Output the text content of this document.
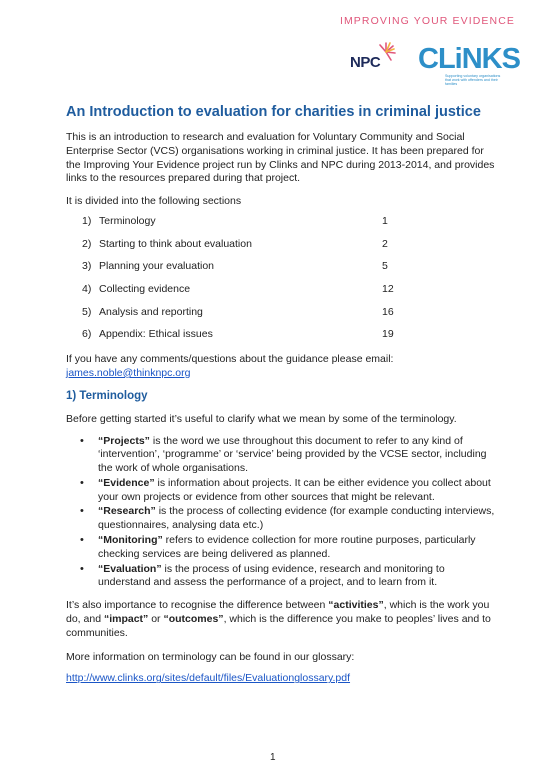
IMPROVING YOUR EVIDENCE
NPC CLiNKS
Supporting voluntary organisations that work with offenders and their families
An Introduction to evaluation for charities in criminal justice

This is an introduction to research and evaluation for Voluntary Community and Social Enterprise Sector (VCS) organisations working in criminal justice. It has been prepared for the Improving Your Evidence project run by Clinks and NPC during 2013-2014, and provides links to the resources prepared during that project.

It is divided into the following sections

1) Terminology	1
2) Starting to think about evaluation	2
3) Planning your evaluation	5
4) Collecting evidence	12
5) Analysis and reporting	16
6) Appendix: Ethical issues	19

If you have any comments/questions about the guidance please email:
james.noble@thinknpc.org

1) Terminology

Before getting started it’s useful to clarify what we mean by some of the terminology.

• “Projects” is the word we use throughout this document to refer to any kind of ‘intervention’, ‘programme’ or ‘service’ being provided by the VCSE sector, including the work of whole organisations.
• “Evidence” is information about projects. It can be either evidence you collect about your own projects or evidence from other sources that might be relevant.
• “Research” is the process of collecting evidence (for example conducting interviews, questionnaires, analysing data etc.)
• “Monitoring” refers to evidence collection for more routine purposes, particularly checking services are being delivered as planned.
• “Evaluation” is the process of using evidence, research and monitoring to understand and assess the performance of a project, and to learn from it.

It’s also importance to recognise the difference between “activities”, which is the work you do, and “impact” or “outcomes”, which is the difference you make to peoples’ lives and to communities.

More information on terminology can be found in our glossary:

http://www.clinks.org/sites/default/files/Evaluationglossary.pdf
1
